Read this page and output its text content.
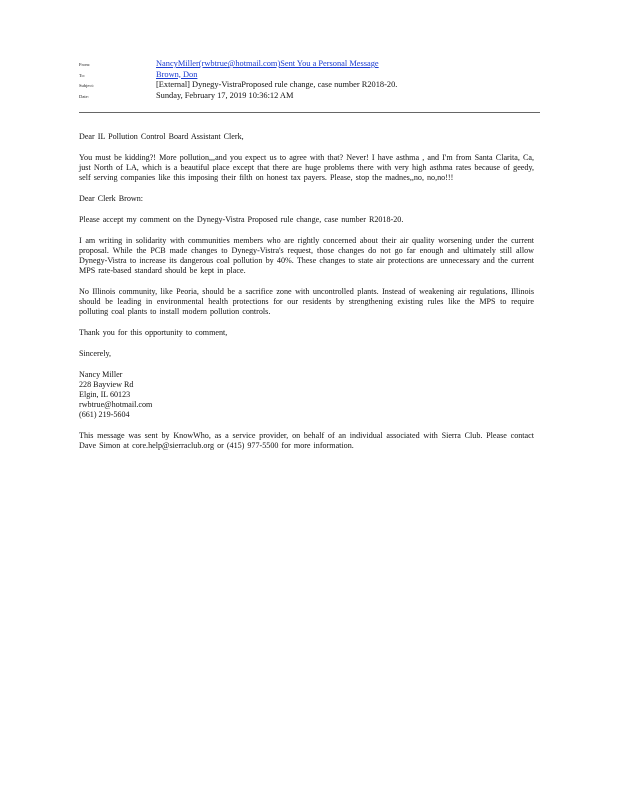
From:	NancyMiller(rwbtrue@hotmail.com)Sent You a Personal Message
To:	Brown, Don
Subject:	[External] Dynegy-VistraProposed rule change, case number R2018-20.
Date:	Sunday, February 17, 2019 10:36:12 AM

Dear IL Pollution Control Board Assistant Clerk,

You must be kidding?! More pollution,,,and you expect us to agree with that? Never! I have asthma , and I'm from Santa Clarita, Ca, just North of LA, which is a beautiful place except that there are huge problems there with very high asthma rates because of geedy, self serving companies like this imposing their filth on honest tax payers. Please, stop the madnes,,no, no,no!!!

Dear Clerk Brown:

Please accept my comment on the Dynegy-Vistra Proposed rule change, case number R2018-20.

I am writing in solidarity with communities members who are rightly concerned about their air quality worsening under the current proposal. While the PCB made changes to Dynegy-Vistra's request, those changes do not go far enough and ultimately still allow Dynegy-Vistra to increase its dangerous coal pollution by 40%. These changes to state air protections are unnecessary and the current MPS rate-based standard should be kept in place.

No Illinois community, like Peoria, should be a sacrifice zone with uncontrolled plants. Instead of weakening air regulations, Illinois should be leading in environmental health protections for our residents by strengthening existing rules like the MPS to require polluting coal plants to install modern pollution controls.

Thank you for this opportunity to comment,

Sincerely,

Nancy Miller
228 Bayview Rd
Elgin, IL 60123
rwbtrue@hotmail.com
(661) 219-5604

This message was sent by KnowWho, as a service provider, on behalf of an individual associated with Sierra Club. Please contact Dave Simon at core.help@sierraclub.org or (415) 977-5500 for more information.
